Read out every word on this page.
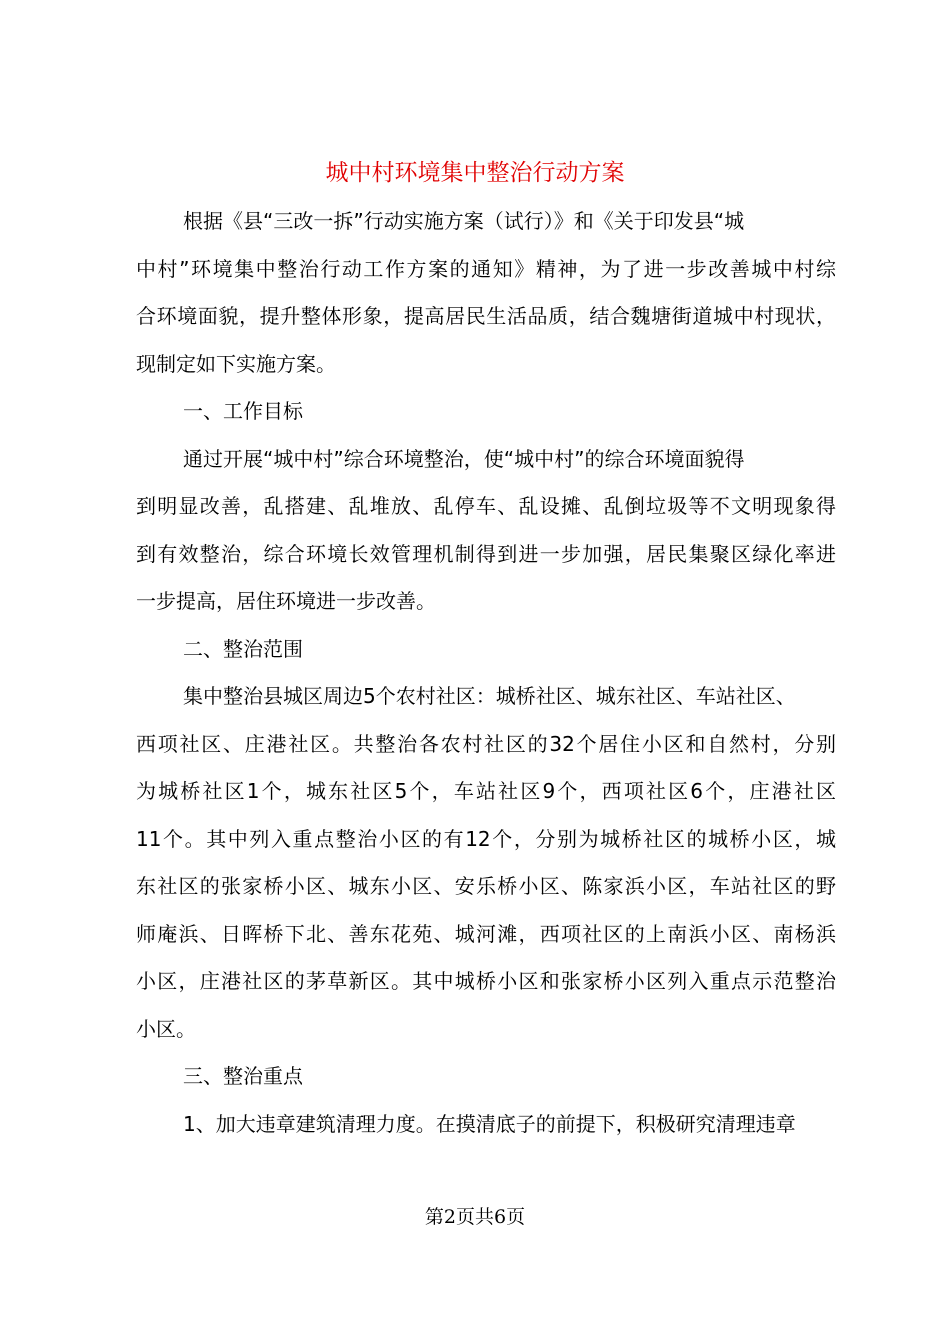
城中村环境集中整治行动方案
根据《县“三改一拆”行动实施方案（试行）》和《关于印发县“城
中村”环境集中整治行动工作方案的通知》精神，为了进一步改善城中村综
合环境面貌，提升整体形象，提高居民生活品质，结合魏塘街道城中村现状，
现制定如下实施方案。
一、工作目标
通过开展“城中村”综合环境整治，使“城中村”的综合环境面貌得
到明显改善，乱搭建、乱堆放、乱停车、乱设摊、乱倒垃圾等不文明现象得
到有效整治，综合环境长效管理机制得到进一步加强，居民集聚区绿化率进
一步提高，居住环境进一步改善。
二、整治范围
集中整治县城区周边5个农村社区：城桥社区、城东社区、车站社区、
西项社区、庄港社区。共整治各农村社区的32个居住小区和自然村，分别
为城桥社区1个，城东社区5个，车站社区9个，西项社区6个，庄港社区
11个。其中列入重点整治小区的有12个，分别为城桥社区的城桥小区，城
东社区的张家桥小区、城东小区、安乐桥小区、陈家浜小区，车站社区的野
师庵浜、日晖桥下北、善东花苑、城河滩，西项社区的上南浜小区、南杨浜
小区，庄港社区的茅草新区。其中城桥小区和张家桥小区列入重点示范整治
小区。
三、整治重点
1、加大违章建筑清理力度。在摸清底子的前提下，积极研究清理违章
第2页共6页
